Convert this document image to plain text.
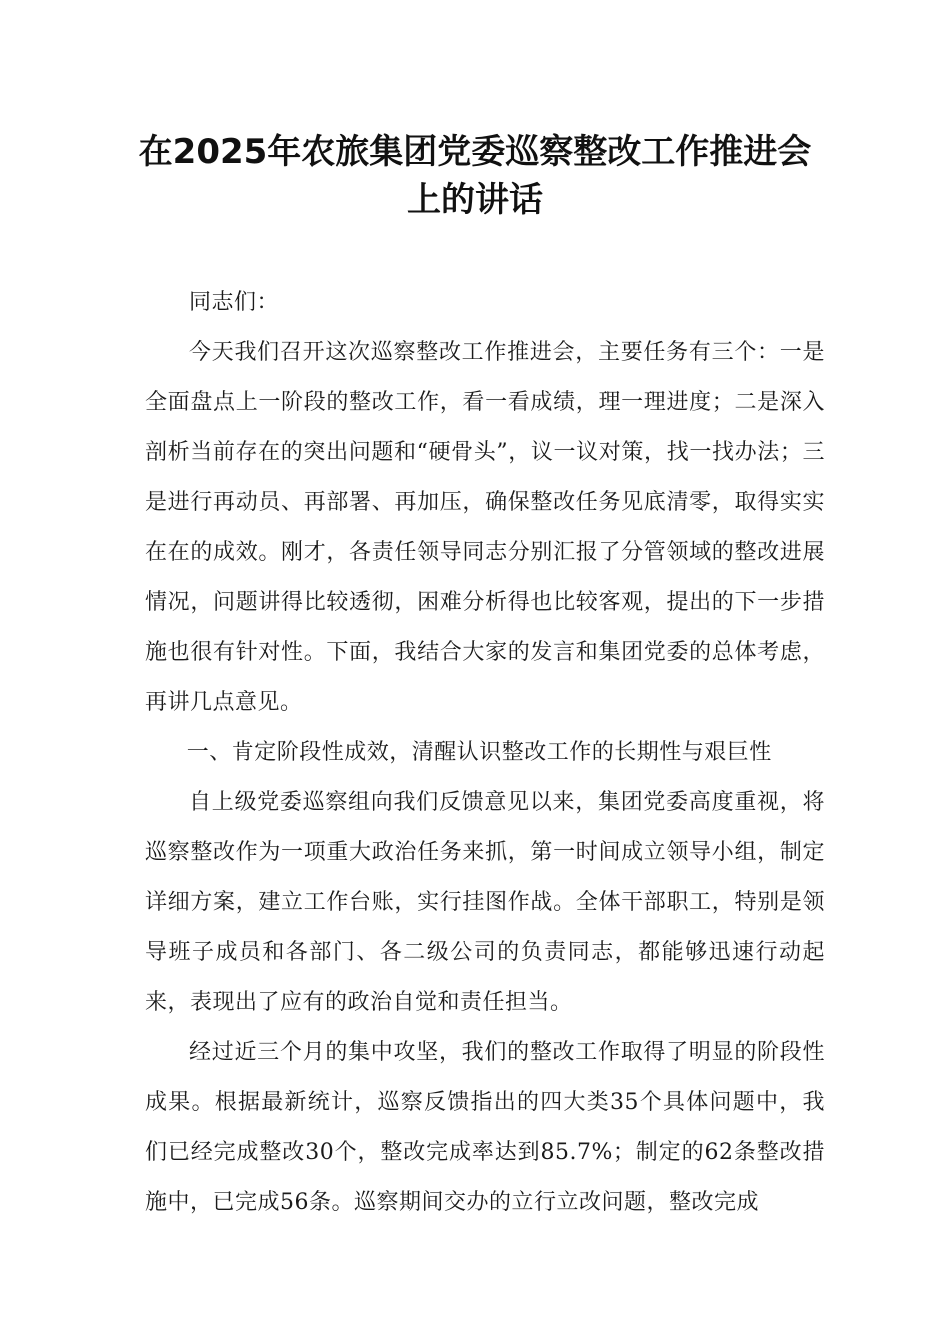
在2025年农旅集团党委巡察整改工作推进会上的讲话

同志们：

今天我们召开这次巡察整改工作推进会，主要任务有三个：一是全面盘点上一阶段的整改工作，看一看成绩，理一理进度；二是深入剖析当前存在的突出问题和“硬骨头”，议一议对策，找一找办法；三是进行再动员、再部署、再加压，确保整改任务见底清零，取得实实在在的成效。刚才，各责任领导同志分别汇报了分管领域的整改进展情况，问题讲得比较透彻，困难分析得也比较客观，提出的下一步措施也很有针对性。下面，我结合大家的发言和集团党委的总体考虑，再讲几点意见。

一、肯定阶段性成效，清醒认识整改工作的长期性与艰巨性

自上级党委巡察组向我们反馈意见以来，集团党委高度重视，将巡察整改作为一项重大政治任务来抓，第一时间成立领导小组，制定详细方案，建立工作台账，实行挂图作战。全体干部职工，特别是领导班子成员和各部门、各二级公司的负责同志，都能够迅速行动起来，表现出了应有的政治自觉和责任担当。

经过近三个月的集中攻坚，我们的整改工作取得了明显的阶段性成果。根据最新统计，巡察反馈指出的四大类35个具体问题中，我们已经完成整改30个，整改完成率达到85.7%；制定的62条整改措施中，已完成56条。巡察期间交办的立行立改问题，整改完成
